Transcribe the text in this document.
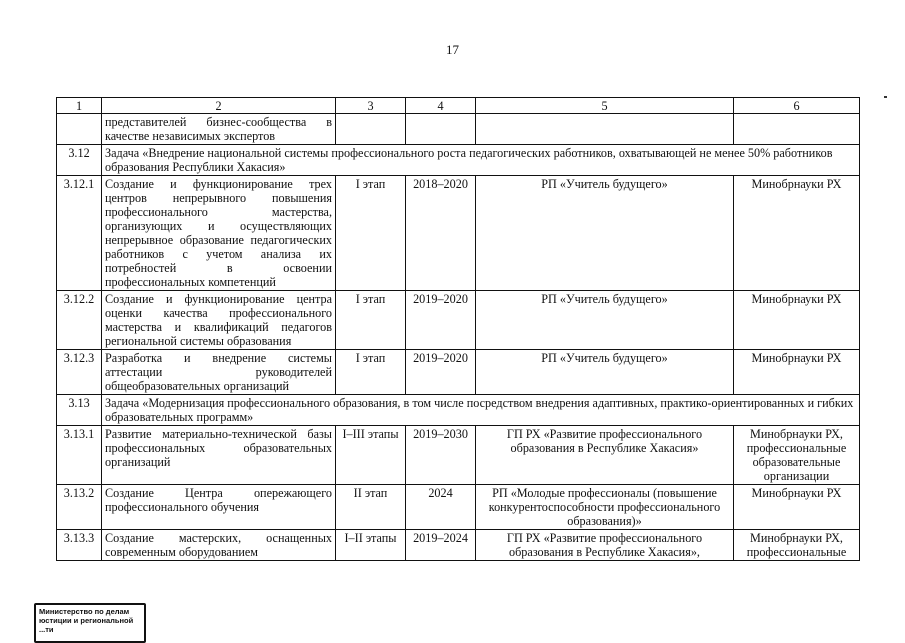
17
1	2	3	4	5	6
	представителей бизнес-сообщества в качестве независимых экспертов				
3.12	Задача «Внедрение национальной системы профессионального роста педагогических работников, охватывающей не менее 50% работников образования Республики Хакасия»				
3.12.1	Создание и функционирование трех центров непрерывного повышения профессионального мастерства, организующих и осуществляющих непрерывное образование педагогических работников с учетом анализа их потребностей в освоении профессиональных компетенций	I этап	2018–2020	РП «Учитель будущего»	Минобрнауки РХ
3.12.2	Создание и функционирование центра оценки качества профессионального мастерства и квалификаций педагогов региональной системы образования	I этап	2019–2020	РП «Учитель будущего»	Минобрнауки РХ
3.12.3	Разработка и внедрение системы аттестации руководителей общеобразовательных организаций	I этап	2019–2020	РП «Учитель будущего»	Минобрнауки РХ
3.13	Задача «Модернизация профессионального образования, в том числе посредством внедрения адаптивных, практико-ориентированных и гибких образовательных программ»				
3.13.1	Развитие материально-технической базы профессиональных образовательных организаций	I–III этапы	2019–2030	ГП РХ «Развитие профессионального образования в Республике Хакасия»	Минобрнауки РХ, профессиональные образовательные организации
3.13.2	Создание Центра опережающего профессионального обучения	II этап	2024	РП «Молодые профессионалы (повышение конкурентоспособности профессионального образования)»	Минобрнауки РХ
3.13.3	Создание мастерских, оснащенных современным оборудованием	I–II этапы	2019–2024	ГП РХ «Развитие профессионального образования в Республике Хакасия»,	Минобрнауки РХ, профессиональные
Министерство по делам
юстиции и региональной
...ти
